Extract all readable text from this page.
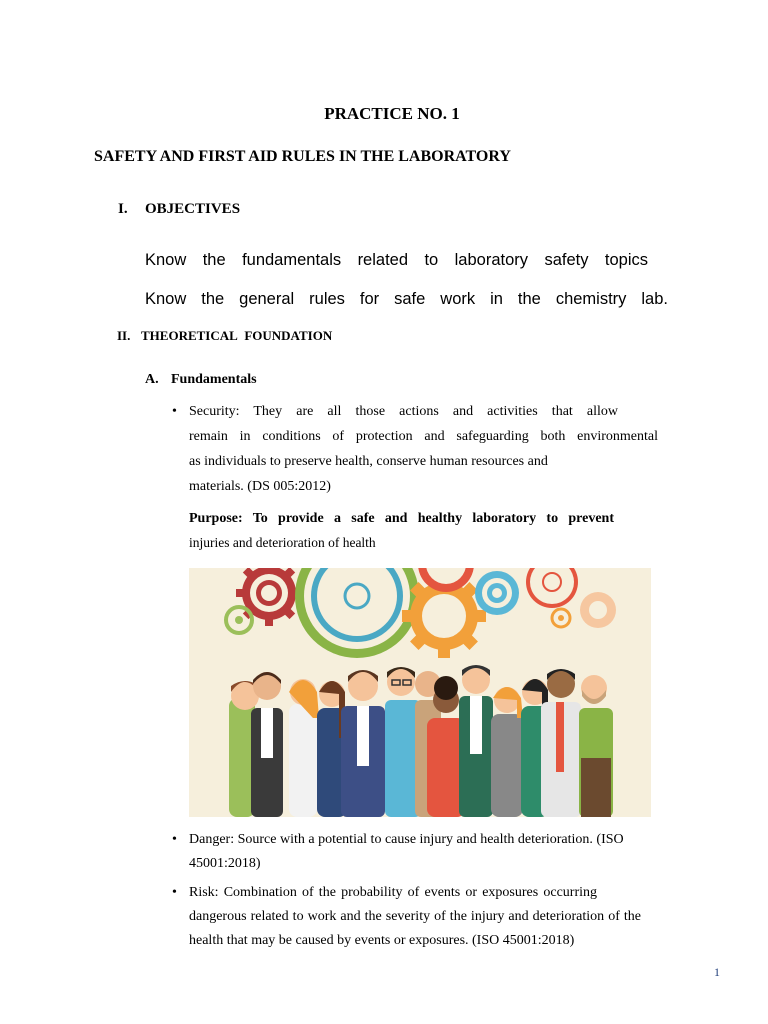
PRACTICE NO. 1
SAFETY AND FIRST AID RULES IN THE LABORATORY
I. OBJECTIVES
Know the fundamentals related to laboratory safety topics
Know the general rules for safe work in the chemistry lab.
II. THEORETICAL FOUNDATION
A. Fundamentals
• Security: They are all those actions and activities that allow
remain in conditions of protection and safeguarding both environmental
as individuals to preserve health, conserve human resources and
materials. (DS 005:2012)
Purpose: To provide a safe and healthy laboratory to prevent
injuries and deterioration of health
• Danger: Source with a potential to cause injury and health deterioration. (ISO
45001:2018)
• Risk: Combination of the probability of events or exposures occurring
dangerous related to work and the severity of the injury and deterioration of the
health that may be caused by events or exposures. (ISO 45001:2018)
1
